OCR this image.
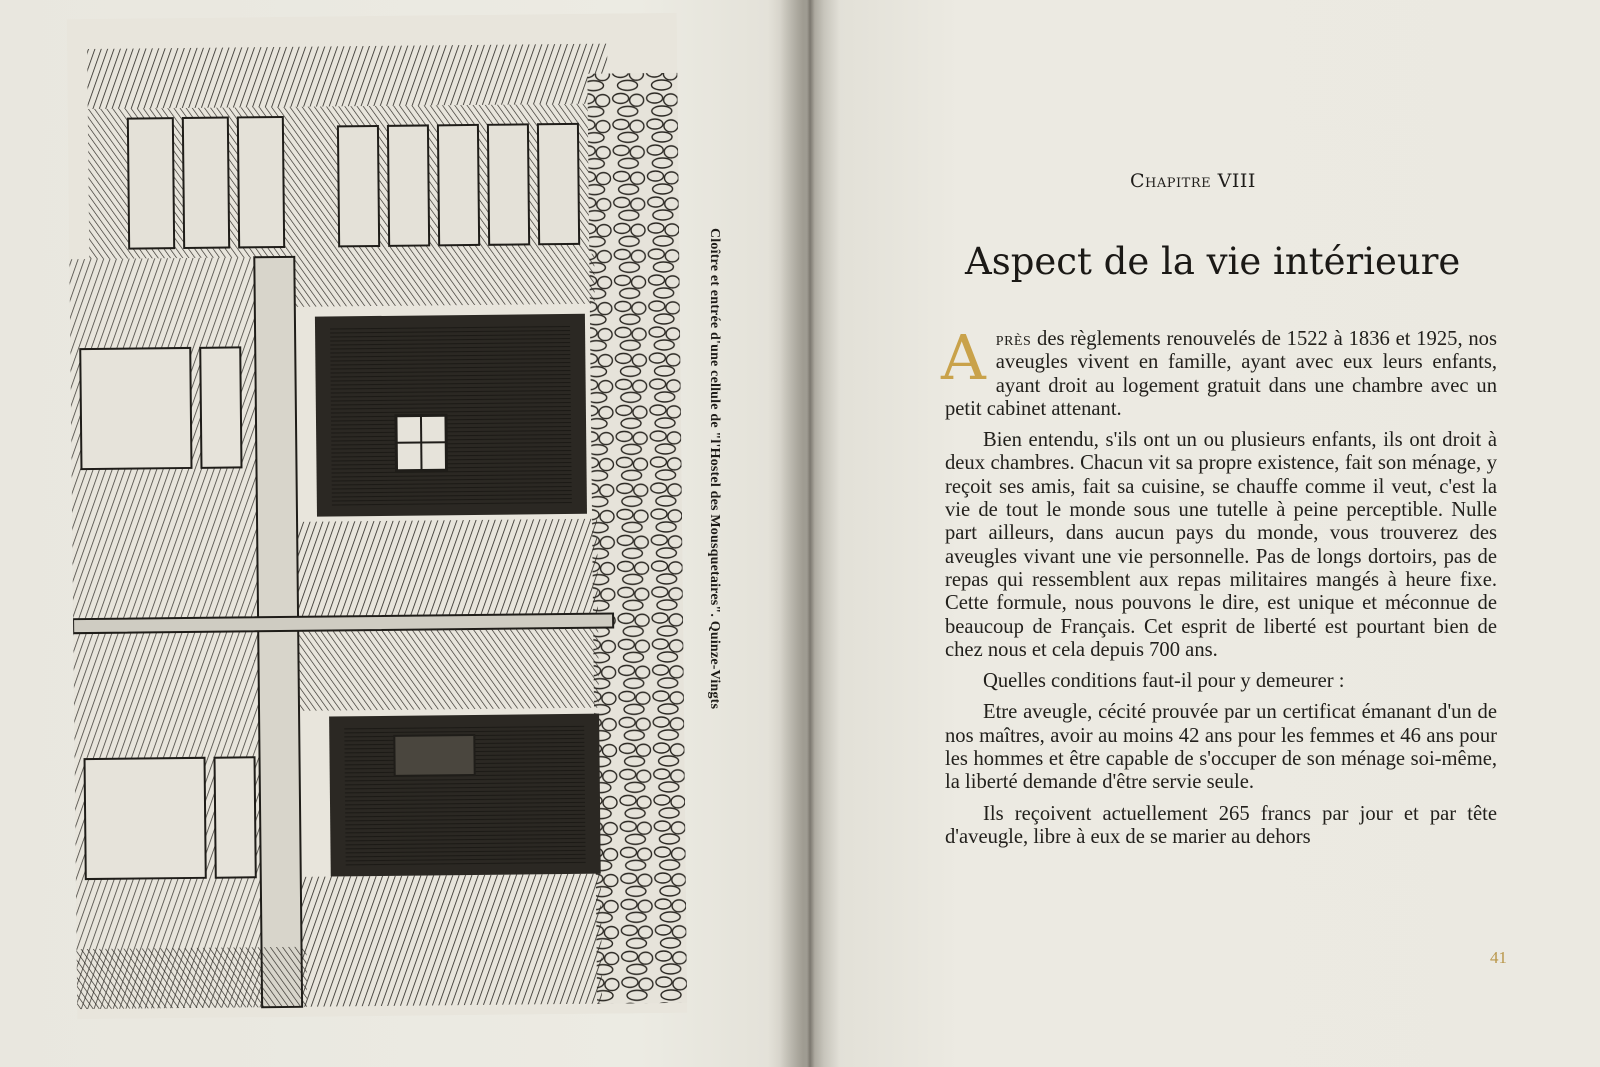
Cloître et entrée d'une cellule de "l'Hostel des Mousquetaires". Quinze-Vingts
Chapitre VIII
Aspect de la vie intérieure

Après des règlements renouvelés de 1522 à 1836 et 1925, nos aveugles vivent en famille, ayant avec eux leurs enfants, ayant droit au logement gratuit dans une chambre avec un petit cabinet attenant.

Bien entendu, s'ils ont un ou plusieurs enfants, ils ont droit à deux chambres. Chacun vit sa propre existence, fait son ménage, y reçoit ses amis, fait sa cuisine, se chauffe comme il veut, c'est la vie de tout le monde sous une tutelle à peine perceptible. Nulle part ailleurs, dans aucun pays du monde, vous trouverez des aveugles vivant une vie personnelle. Pas de longs dortoirs, pas de repas qui ressemblent aux repas militaires mangés à heure fixe. Cette formule, nous pouvons le dire, est unique et méconnue de beaucoup de Français. Cet esprit de liberté est pourtant bien de chez nous et cela depuis 700 ans.

Quelles conditions faut-il pour y demeurer :

Etre aveugle, cécité prouvée par un certificat émanant d'un de nos maîtres, avoir au moins 42 ans pour les femmes et 46 ans pour les hommes et être capable de s'occuper de son ménage soi-même, la liberté demande d'être servie seule.

Ils reçoivent actuellement 265 francs par jour et par tête d'aveugle, libre à eux de se marier au dehors

41
